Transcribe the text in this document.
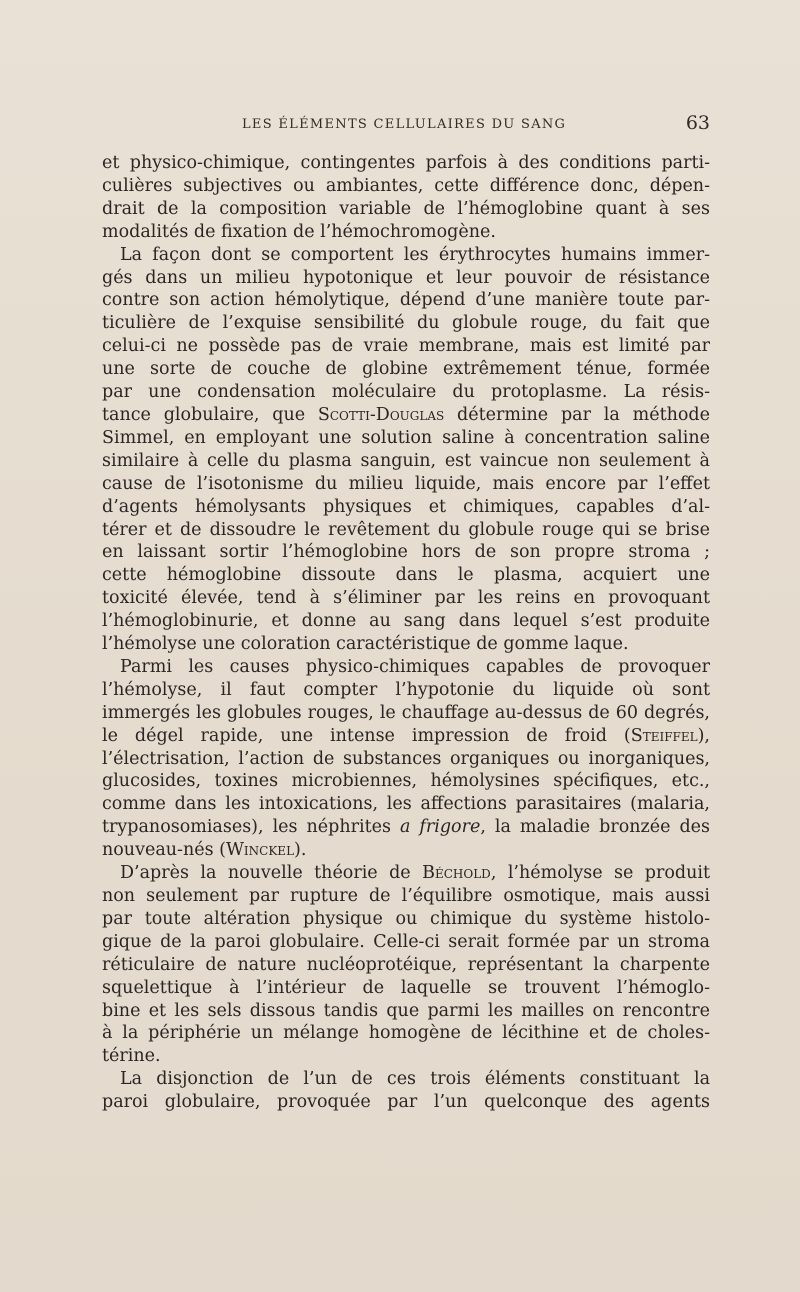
LES ÉLÉMENTS CELLULAIRES DU SANG	63
et physico-chimique, contingentes parfois à des conditions parti-
culières subjectives ou ambiantes, cette différence donc, dépen-
drait de la composition variable de l’hémoglobine quant à ses
modalités de fixation de l’hémochromogène.
La façon dont se comportent les érythrocytes humains immer-
gés dans un milieu hypotonique et leur pouvoir de résistance
contre son action hémolytique, dépend d’une manière toute par-
ticulière de l’exquise sensibilité du globule rouge, du fait que
celui-ci ne possède pas de vraie membrane, mais est limité par
une sorte de couche de globine extrêmement ténue, formée
par une condensation moléculaire du protoplasme. La résis-
tance globulaire, que Scotti-Douglas détermine par la méthode
Simmel, en employant une solution saline à concentration saline
similaire à celle du plasma sanguin, est vaincue non seulement à
cause de l’isotonisme du milieu liquide, mais encore par l’effet
d’agents hémolysants physiques et chimiques, capables d’al-
térer et de dissoudre le revêtement du globule rouge qui se brise
en laissant sortir l’hémoglobine hors de son propre stroma ;
cette hémoglobine dissoute dans le plasma, acquiert une
toxicité élevée, tend à s’éliminer par les reins en provoquant
l’hémoglobinurie, et donne au sang dans lequel s’est produite
l’hémolyse une coloration caractéristique de gomme laque.
Parmi les causes physico-chimiques capables de provoquer
l’hémolyse, il faut compter l’hypotonie du liquide où sont
immergés les globules rouges, le chauffage au-dessus de 60 degrés,
le dégel rapide, une intense impression de froid (Steiffel),
l’électrisation, l’action de substances organiques ou inorganiques,
glucosides, toxines microbiennes, hémolysines spécifiques, etc.,
comme dans les intoxications, les affections parasitaires (malaria,
trypanosomiases), les néphrites a frigore, la maladie bronzée des
nouveau-nés (Winckel).
D’après la nouvelle théorie de Béchold, l’hémolyse se produit
non seulement par rupture de l’équilibre osmotique, mais aussi
par toute altération physique ou chimique du système histolo-
gique de la paroi globulaire. Celle-ci serait formée par un stroma
réticulaire de nature nucléoprotéique, représentant la charpente
squelettique à l’intérieur de laquelle se trouvent l’hémoglo-
bine et les sels dissous tandis que parmi les mailles on rencontre
à la périphérie un mélange homogène de lécithine et de choles-
térine.
La disjonction de l’un de ces trois éléments constituant la
paroi globulaire, provoquée par l’un quelconque des agents
